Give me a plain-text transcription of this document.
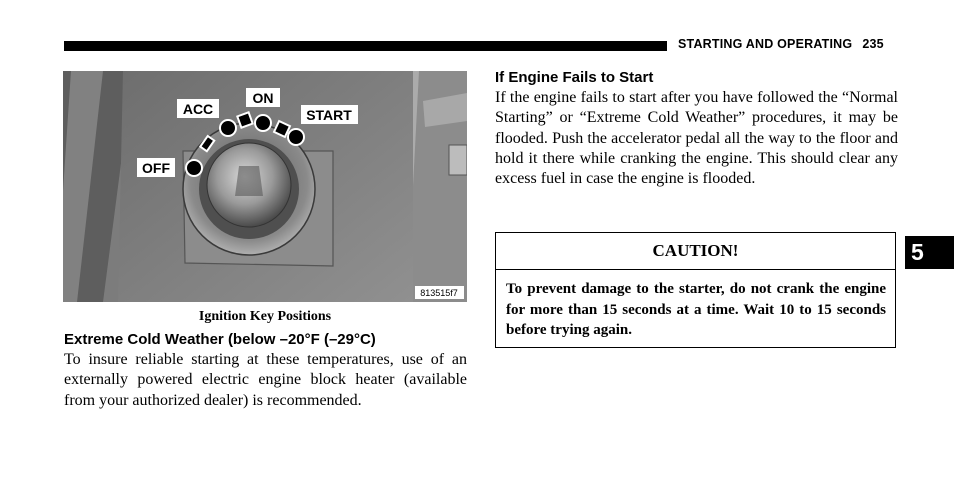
STARTING AND OPERATING 235
ACC
ON
START
OFF
813515f7
Ignition Key Positions
Extreme Cold Weather (below –20°F (–29°C)
To insure reliable starting at these temperatures, use of an externally powered electric engine block heater (available from your authorized dealer) is recommended.
If Engine Fails to Start
If the engine fails to start after you have followed the “Normal Starting” or “Extreme Cold Weather” procedures, it may be flooded. Push the accelerator pedal all the way to the floor and hold it there while cranking the engine. This should clear any excess fuel in case the engine is flooded.
CAUTION!
To prevent damage to the starter, do not crank the engine for more than 15 seconds at a time. Wait 10 to 15 seconds before trying again.
5
